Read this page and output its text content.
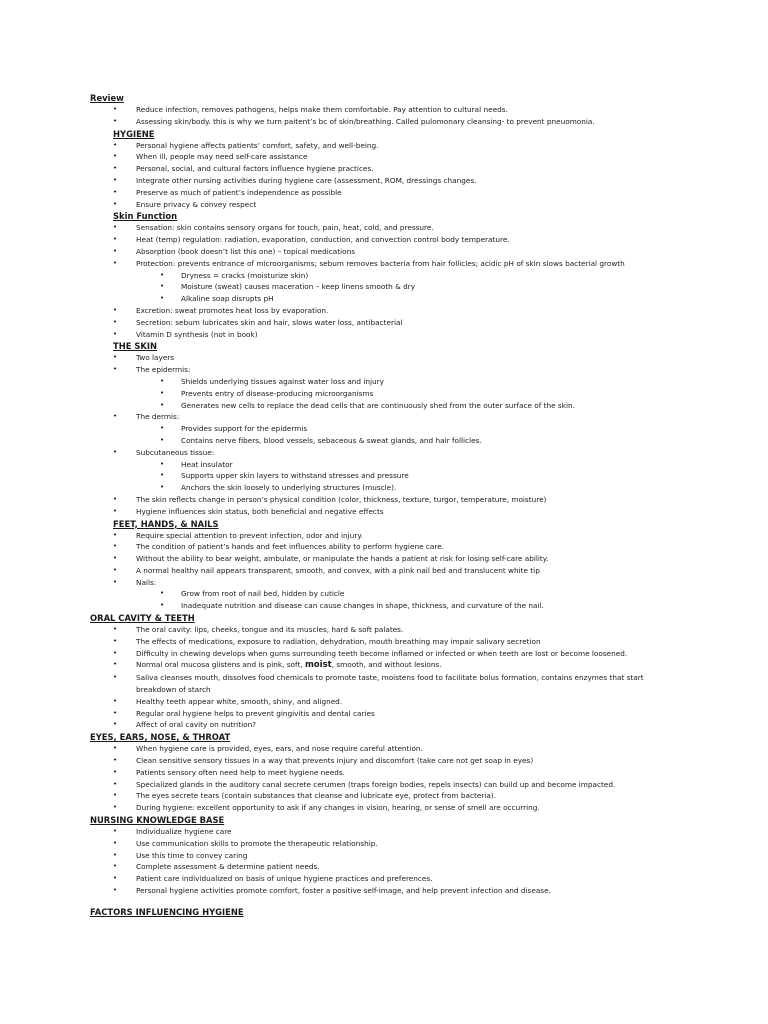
Review
•	Reduce infection, removes pathogens, helps make them comfortable. Pay attention to cultural needs.
•	Assessing skin/body. this is why we turn paitent’s bc of skin/breathing. Called pulomonary cleansing- to prevent pneuomonia.
HYGIENE
•	Personal hygiene affects patients’ comfort, safety, and well-being.
•	When ill, people may need self-care assistance
•	Personal, social, and cultural factors influence hygiene practices.
•	Integrate other nursing activities during hygiene care (assessment, ROM, dressings changes.
•	Preserve as much of patient’s independence as possible
•	Ensure privacy & convey respect
Skin Function
•	Sensation: skin contains sensory organs for touch, pain, heat, cold, and pressure.
•	Heat (temp) regulation: radiation, evaporation, conduction, and convection control body temperature.
•	Absorption (book doesn’t list this one) – topical medications
•	Protection: prevents entrance of microorganisms; sebum removes bacteria from hair follicles; acidic pH of skin slows bacterial growth
• Dryness = cracks (moisturize skin)
• Moisture (sweat) causes maceration – keep linens smooth & dry
• Alkaline soap disrupts pH
•	Excretion: sweat promotes heat loss by evaporation.
•	Secretion: sebum lubricates skin and hair, slows water loss, antibacterial
•	Vitamin D synthesis (not in book)
THE SKIN
•	Two layers
•	The epidermis:
• Shields underlying tissues against water loss and injury
• Prevents entry of disease-producing microorganisms
• Generates new cells to replace the dead cells that are continuously shed from the outer surface of the skin.
•	The dermis:
• Provides support for the epidermis
• Contains nerve fibers, blood vessels, sebaceous & sweat glands, and hair follicles.
•	Subcutaneous tissue:
• Heat insulator
• Supports upper skin layers to withstand stresses and pressure
• Anchors the skin loosely to underlying structures (muscle).
•	The skin reflects change in person’s physical condition (color, thickness, texture, turgor, temperature, moisture)
•	Hygiene influences skin status, both beneficial and negative effects
FEET, HANDS, & NAILS
•	Require special attention to prevent infection, odor and injury.
•	The condition of patient’s hands and feet influences ability to perform hygiene care.
•	Without the ability to bear weight, ambulate, or manipulate the hands a patient at risk for losing self-care ability.
•	A normal healthy nail appears transparent, smooth, and convex, with a pink nail bed and translucent white tip
•	Nails:
• Grow from root of nail bed, hidden by cuticle
• Inadequate nutrition and disease can cause changes in shape, thickness, and curvature of the nail.
ORAL CAVITY & TEETH
•	The oral cavity: lips, cheeks, tongue and its muscles, hard & soft palates.
•	The effects of medications, exposure to radiation, dehydration, mouth breathing may impair salivary secretion
•	Difficulty in chewing develops when gums surrounding teeth become inflamed or infected or when teeth are lost or become loosened.
•	Normal oral mucosa glistens and is pink, soft, moist, smooth, and without lesions.
•	Saliva cleanses mouth, dissolves food chemicals to promote taste, moistens food to facilitate bolus formation, contains enzymes that start breakdown of starch
•	Healthy teeth appear white, smooth, shiny, and aligned.
•	Regular oral hygiene helps to prevent gingivitis and dental caries
•	Affect of oral cavity on nutrition?
EYES, EARS, NOSE, & THROAT
•	When hygiene care is provided, eyes, ears, and nose require careful attention.
•	Clean sensitive sensory tissues in a way that prevents injury and discomfort (take care not get soap in eyes)
•	Patients sensory often need help to meet hygiene needs.
•	Specialized glands in the auditory canal secrete cerumen (traps foreign bodies, repels insects) can build up and become impacted.
•	The eyes secrete tears (contain substances that cleanse and lubricate eye, protect from bacteria).
•	During hygiene: excellent opportunity to ask if any changes in vision, hearing, or sense of smell are occurring.
NURSING KNOWLEDGE BASE
•	Individualize hygiene care
•	Use communication skills to promote the therapeutic relationship.
•	Use this time to convey caring
•	Complete assessment & determine patient needs.
•	Patient care individualized on basis of unique hygiene practices and preferences.
•	Personal hygiene activities promote comfort, foster a positive self-image, and help prevent infection and disease.
FACTORS INFLUENCING HYGIENE
